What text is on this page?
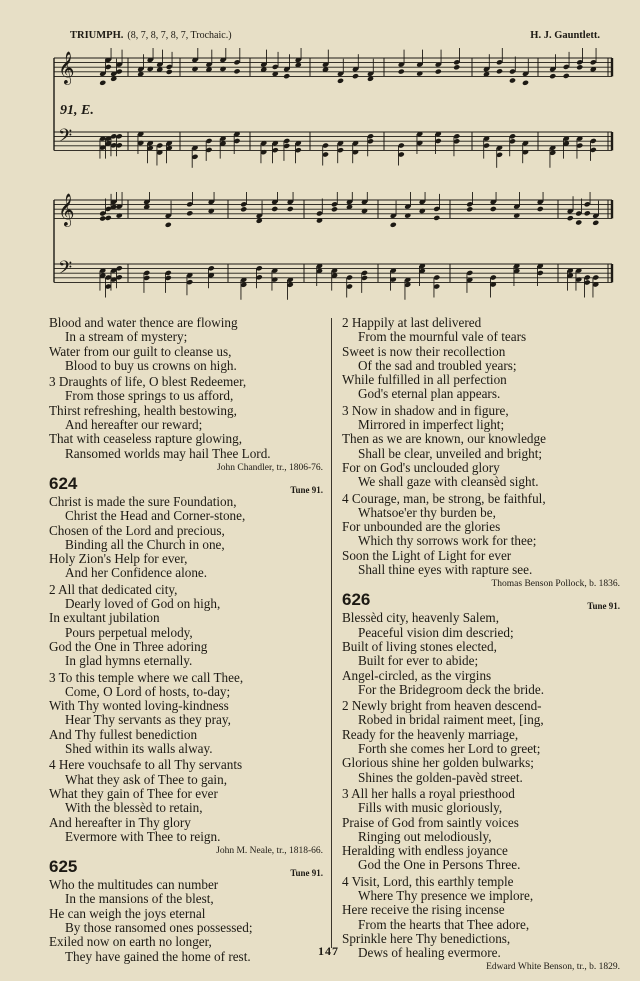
TRIUMPH. (8, 7, 8, 7, 8, 7, Trochaic.)	H. J. Gauntlett.
𝄞
𝄢
91, E.
𝄞
𝄢
Blood and water thence are flowing
In a stream of mystery;
Water from our guilt to cleanse us,
Blood to buy us crowns on high.
3 Draughts of life, O blest Redeemer,
From those springs to us afford,
Thirst refreshing, health bestowing,
And hereafter our reward;
That with ceaseless rapture glowing,
Ransomed worlds may hail Thee Lord.
John Chandler, tr., 1806-76.
624	Tune 91.
Christ is made the sure Foundation,
Christ the Head and Corner-stone,
Chosen of the Lord and precious,
Binding all the Church in one,
Holy Zion's Help for ever,
And her Confidence alone.
2 All that dedicated city,
Dearly loved of God on high,
In exultant jubilation
Pours perpetual melody,
God the One in Three adoring
In glad hymns eternally.
3 To this temple where we call Thee,
Come, O Lord of hosts, to-day;
With Thy wonted loving-kindness
Hear Thy servants as they pray,
And Thy fullest benediction
Shed within its walls alway.
4 Here vouchsafe to all Thy servants
What they ask of Thee to gain,
What they gain of Thee for ever
With the blessèd to retain,
And hereafter in Thy glory
Evermore with Thee to reign.
John M. Neale, tr., 1818-66.
625	Tune 91.
Who the multitudes can number
In the mansions of the blest,
He can weigh the joys eternal
By those ransomed ones possessed;
Exiled now on earth no longer,
They have gained the home of rest.
2 Happily at last delivered
From the mournful vale of tears
Sweet is now their recollection
Of the sad and troubled years;
While fulfilled in all perfection
God's eternal plan appears.
3 Now in shadow and in figure,
Mirrored in imperfect light;
Then as we are known, our knowledge
Shall be clear, unveiled and bright;
For on God's unclouded glory
We shall gaze with cleansèd sight.
4 Courage, man, be strong, be faithful,
Whatsoe'er thy burden be,
For unbounded are the glories
Which thy sorrows work for thee;
Soon the Light of Light for ever
Shall thine eyes with rapture see.
Thomas Benson Pollock, b. 1836.
626	Tune 91.
Blessèd city, heavenly Salem,
Peaceful vision dim descried;
Built of living stones elected,
Built for ever to abide;
Angel-circled, as the virgins
For the Bridegroom deck the bride.
2 Newly bright from heaven descend-
Robed in bridal raiment meet, [ing,
Ready for the heavenly marriage,
Forth she comes her Lord to greet;
Glorious shine her golden bulwarks;
Shines the golden-pavèd street.
3 All her halls a royal priesthood
Fills with music gloriously,
Praise of God from saintly voices
Ringing out melodiously,
Heralding with endless joyance
God the One in Persons Three.
4 Visit, Lord, this earthly temple
Where Thy presence we implore,
Here receive the rising incense
From the hearts that Thee adore,
Sprinkle here Thy benedictions,
Dews of healing evermore.
Edward White Benson, tr., b. 1829.
147
